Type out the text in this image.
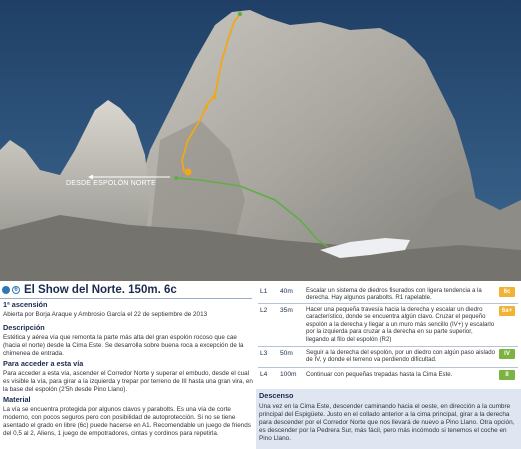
DESDE ESPOLÓN NORTE
6 El Show del Norte. 150m. 6c
1ª ascensión

Abierta por Borja Araque y Ambrosio García el 22 de septiembre de 2013

Descripción

Estética y aérea vía que remonta la parte más alta del gran espolón rocoso que cae (hacia el norte) desde la Cima Este. Se desarrolla sobre buena roca a excepción de la chimenea de entrada.

Para acceder a esta vía

Para acceder a esta vía, ascender el Corredor Norte y superar el embudo, desde el cual es visible la vía, para girar a la izquierda y trepar por terreno de III hasta una gran vira, en la base del espolón (2'5h desde Pino Llano).

Material

La vía se encuentra protegida por algunos clavos y parabolts. Es una vía de corte moderno, con pocos seguros pero con posibilidad de autoprotección. Si no se tiene asentado el grado en libre (6c) puede hacerse en A1. Recomendable un juego de friends del 0,5 al 2, Aliens, 1 juego de empotradores, cintas y cordinos para repetirla.

L1 40m Escalar un sistema de diedros fisurados con ligera tendencia a la derecha. Hay algunos parabolts. R1 rapelable.
6c
L2 35m Hacer una pequeña travesía hacia la derecha y escalar un diedro característico, donde se encuentra algún clavo. Cruzar el pequeño espolón a la derecha y llegar a un muro más sencillo (IV+) y escalarlo por la izquierda para cruzar a la derecha en su parte superior, llegando al filo del espolón (R2)
6a+
L3 50m Seguir a la derecha del espolón, por un diedro con algún paso aislado de IV, y donde el terreno va perdiendo dificultad.
IV
L4 100m Continuar con pequeñas trepadas hasta la Cima Este.	II
Descenso

Una vez en la Cima Este, descender caminando hacia el oeste, en dirección a la cumbre principal del Espigüete. Justo en el collado anterior a la cima principal, girar a la derecha para descender por el Corredor Norte que nos llevará de nuevo a Pino Llano. Otra opción, es descender por la Pedrera Sur, más fácil, pero más incómodo si tenemos el coche en Pino Llano.
